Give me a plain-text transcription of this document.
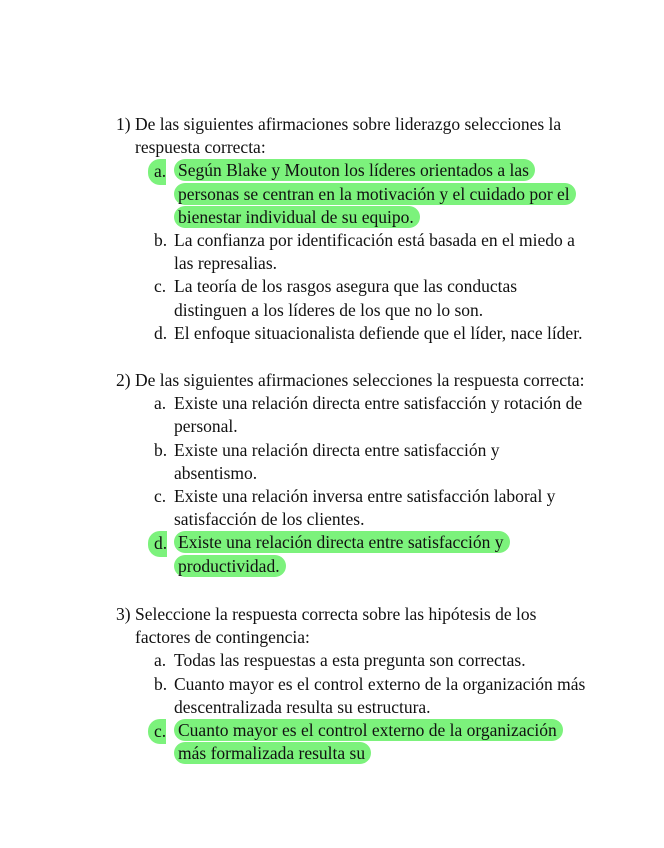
1) De las siguientes afirmaciones sobre liderazgo selecciones la respuesta correcta:
a. Según Blake y Mouton los líderes orientados a las personas se centran en la motivación y el cuidado por el bienestar individual de su equipo.
b. La confianza por identificación está basada en el miedo a las represalias.
c. La teoría de los rasgos asegura que las conductas distinguen a los líderes de los que no lo son.
d. El enfoque situacionalista defiende que el líder, nace líder.
2) De las siguientes afirmaciones selecciones la respuesta correcta:
a. Existe una relación directa entre satisfacción y rotación de personal.
b. Existe una relación directa entre satisfacción y absentismo.
c. Existe una relación inversa entre satisfacción laboral y satisfacción de los clientes.
d. Existe una relación directa entre satisfacción y productividad.
3) Seleccione la respuesta correcta sobre las hipótesis de los factores de contingencia:
a. Todas las respuestas a esta pregunta son correctas.
b. Cuanto mayor es el control externo de la organización más descentralizada resulta su estructura.
c. Cuanto mayor es el control externo de la organización más formalizada resulta su
